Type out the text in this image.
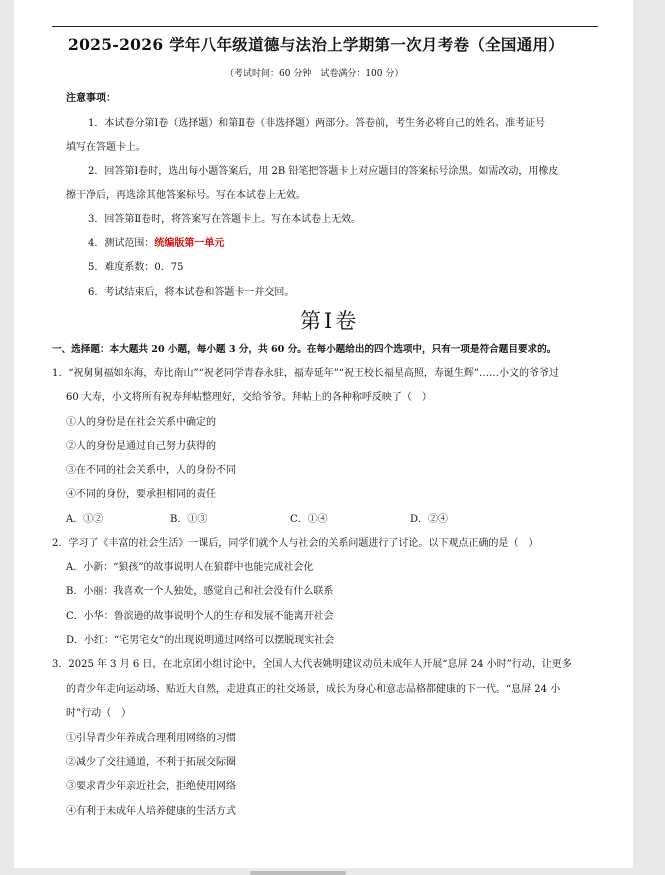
2025-2026 学年八年级道德与法治上学期第一次月考卷（全国通用）
（考试时间：60 分钟　试卷满分：100 分）
注意事项：
1．本试卷分第Ⅰ卷（选择题）和第Ⅱ卷（非选择题）两部分。答卷前，考生务必将自己的姓名、准考证号
填写在答题卡上。
2．回答第Ⅰ卷时，选出每小题答案后，用 2B 铅笔把答题卡上对应题目的答案标号涂黑。如需改动，用橡皮
擦干净后，再选涂其他答案标号。写在本试卷上无效。
3．回答第Ⅱ卷时，将答案写在答题卡上。写在本试卷上无效。
4．测试范围：统编版第一单元
5．难度系数：0．75
6．考试结束后，将本试卷和答题卡一并交回。
第Ⅰ卷
一、选择题：本大题共 20 小题，每小题 3 分，共 60 分。在每小题给出的四个选项中，只有一项是符合题目要求的。
1．“祝舅舅福如东海，寿比南山”“祝老同学青春永驻，福寿延年”“祝王校长福星高照，寿诞生辉”……小文的爷爷过
60 大寿，小文将所有祝寿拜帖整理好，交给爷爷。拜帖上的各种称呼反映了（　）
①人的身份是在社会关系中确定的
②人的身份是通过自己努力获得的
③在不同的社会关系中，人的身份不同
④不同的身份，要承担相同的责任
A．①②	B．①③	C．①④	D．②④
2．学习了《丰富的社会生活》一课后，同学们就个人与社会的关系问题进行了讨论。以下观点正确的是（　）
A．小新：“狼孩”的故事说明人在狼群中也能完成社会化
B．小丽：我喜欢一个人独处，感觉自己和社会没有什么联系
C．小华：鲁滨逊的故事说明个人的生存和发展不能离开社会
D．小红：“宅男宅女”的出现说明通过网络可以摆脱现实社会
3．2025 年 3 月 6 日，在北京团小组讨论中，全国人大代表姚明建议动员未成年人开展“息屏 24 小时”行动，让更多
的青少年走向运动场、贴近大自然，走进真正的社交场景，成长为身心和意志品格都健康的下一代。“息屏 24 小
时”行动（　）
①引导青少年养成合理利用网络的习惯
②减少了交往通道，不利于拓展交际圈
③要求青少年亲近社会，拒绝使用网络
④有利于未成年人培养健康的生活方式
